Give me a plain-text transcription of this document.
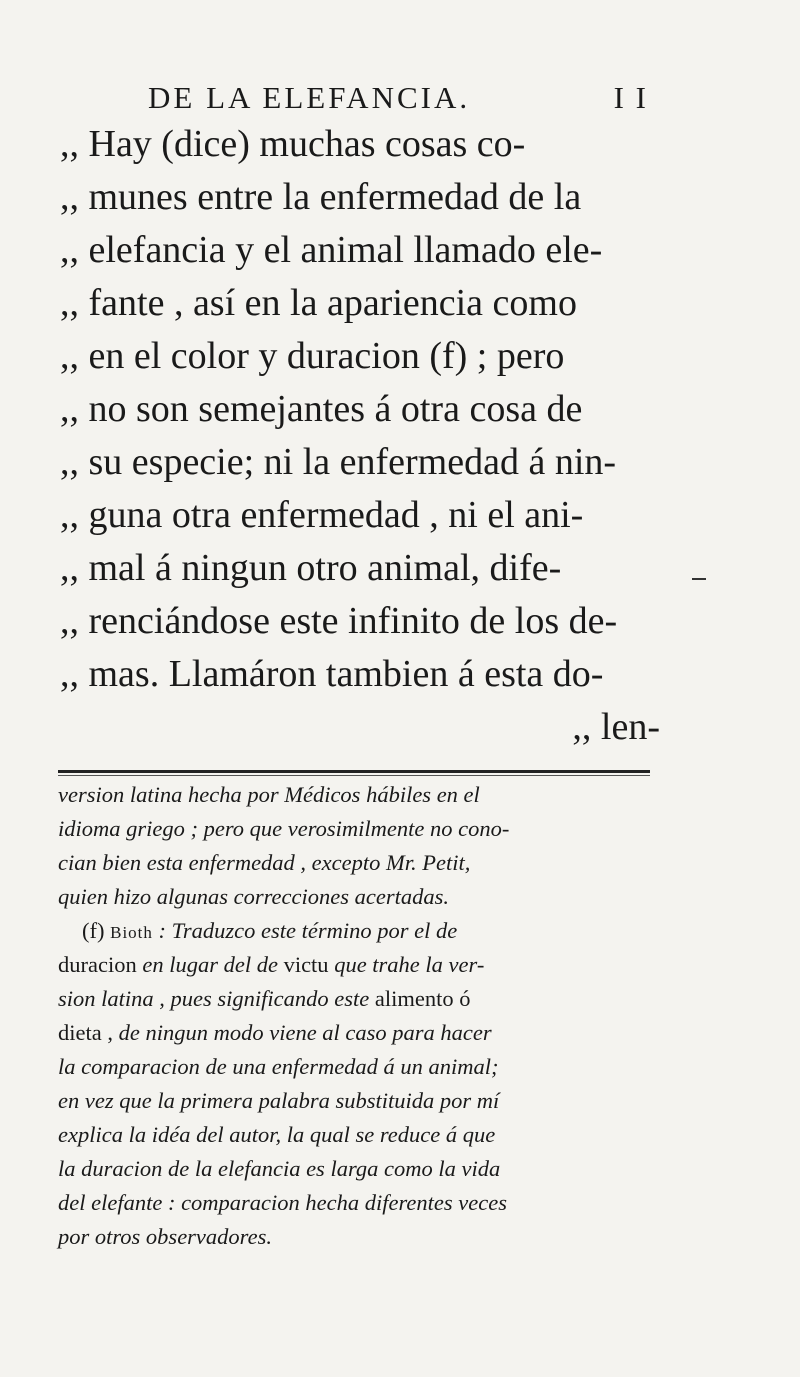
DE LA ELEFANCIA.	I I
,, Hay (dice) muchas cosas co-
,, munes entre la enfermedad de la
,, elefancia y el animal llamado ele-
,, fante , así en la apariencia como
,, en el color y duracion (f) ; pero
,, no son semejantes á otra cosa de
,, su especie; ni la enfermedad á nin-
,, guna otra enfermedad , ni el ani-
,, mal á ningun otro animal, dife-
,, renciándose este infinito de los de-
,, mas. Llamáron tambien á esta do-
,, len-
version latina hecha por Médicos hábiles en el
idioma griego ; pero que verosimilmente no cono-
cian bien esta enfermedad , excepto Mr. Petit,
quien hizo algunas correcciones acertadas.
(f) Bioth : Traduzco este término por el de
duracion en lugar del de victu que trahe la ver-
sion latina , pues significando este alimento ó
dieta , de ningun modo viene al caso para hacer
la comparacion de una enfermedad á un animal;
en vez que la primera palabra substituida por mí
explica la idéa del autor, la qual se reduce á que
la duracion de la elefancia es larga como la vida
del elefante : comparacion hecha diferentes veces
por otros observadores.
